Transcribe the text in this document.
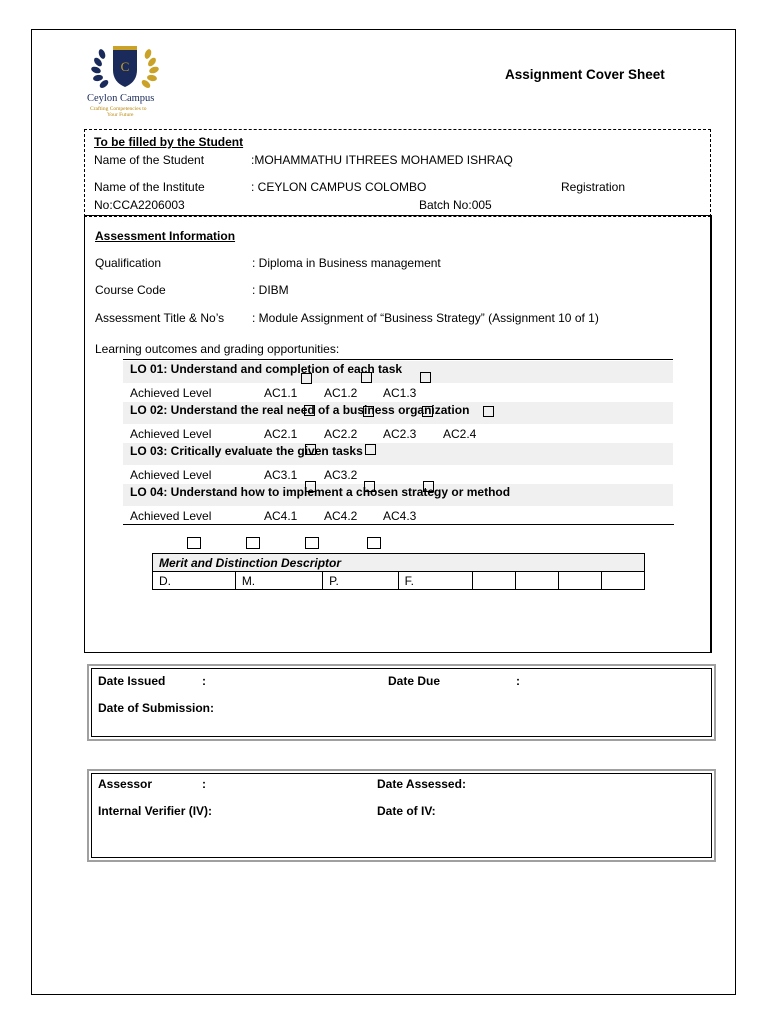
C
Ceylon Campus
Crafting Competencies to
Your Future
Assignment Cover Sheet
To be filled by the Student
Name of the Student	:MOHAMMATHU ITHREES MOHAMED ISHRAQ
Name of the Institute	: CEYLON CAMPUS COLOMBO	Registration
No:CCA2206003	Batch No:005
Assessment Information
Qualification	: Diploma in Business management
Course Code	: DIBM
Assessment Title & No’s : Module Assignment of “Business Strategy” (Assignment 10 of 1)
Learning outcomes and grading opportunities:
LO 01: Understand and completion of each task
Achieved Level	AC1.1 AC1.2 AC1.3
LO 02: Understand the real need of a business organization
Achieved Level	AC2.1 AC2.2 AC2.3 AC2.4
LO 03: Critically evaluate the given tasks
Achieved Level	AC3.1 AC3.2
LO 04: Understand how to implement a chosen strategy or method
Achieved Level	AC4.1 AC4.2 AC4.3
Merit and Distinction Descriptor
D.	M.	P.	F.				
Date Issued	:	Date Due	:
Date of Submission:
Assessor	:	Date Assessed:
Internal Verifier (IV):	Date of IV:
